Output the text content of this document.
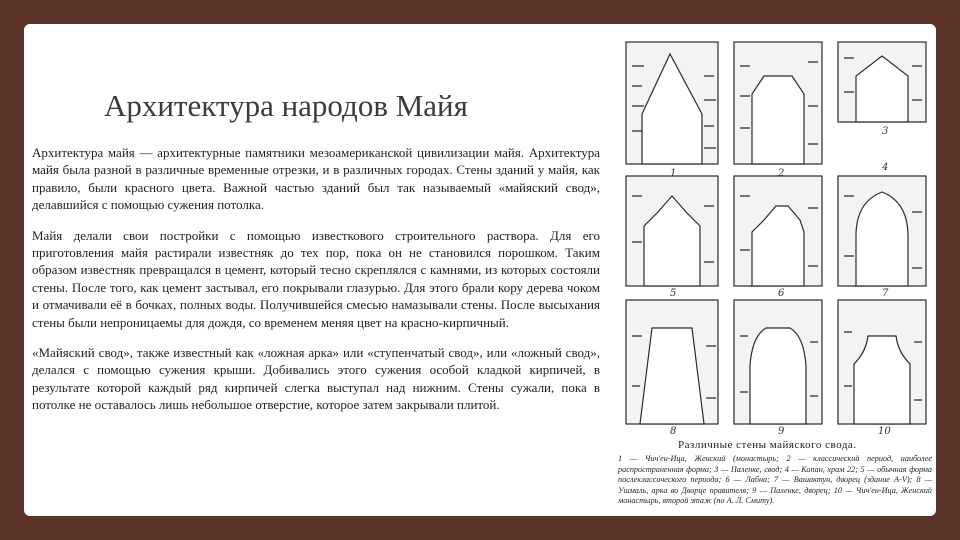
Архитектура народов Майя

Архитектура майя — архитектурные памятники мезоамериканской цивилизации майя. Архитектура майя была разной в различные временные отрезки, и в различных городах. Стены зданий у майя, как правило, были красного цвета. Важной частью зданий был так называемый «майяский свод», делавшийся с помощью сужения потолка.

Майя делали свои постройки с помощью известкового строительного раствора. Для его приготовления майя растирали известняк до тех пор, пока он не становился порошком. Таким образом известняк превращался в цемент, который тесно скреплялся с камнями, из которых состояли стены. После того, как цемент застывал, его покрывали глазурью. Для этого брали кору дерева чоком и отмачивали её в бочках, полных воды. Получившейся смесью намазывали стены. После высыхания стены были непроницаемы для дождя, со временем меняя цвет на красно-кирпичный.

«Майяский свод», также известный как «ложная арка» или «ступенчатый свод», или «ложный свод», делался с помощью сужения крыши. Добивались этого сужения особой кладкой кирпичей, в результате которой каждый ряд кирпичей слегка выступал над нижним. Стены сужали, пока в потолке не оставалось лишь небольшое отверстие, которое затем закрывали плитой.

1	2
3
4
5	6	7
8	9	10
Различные стены майяского свода.
1 — Чич'ен-Ица, Женский (монастырь; 2 — классический период, наиболее распространенная форма; 3 — Паленке, свод; 4 — Копан, храм 22; 5 — обычная форма послеклассического периода; 6 — Лабна; 7 — Вашактун, дворец (здание А-V); 8 — Ушмаль, арка во Дворце правителя; 9 — Паленке, дворец; 10 — Чич'ен-Ица, Женский монастырь, второй этаж (по А. Л. Смиту).
